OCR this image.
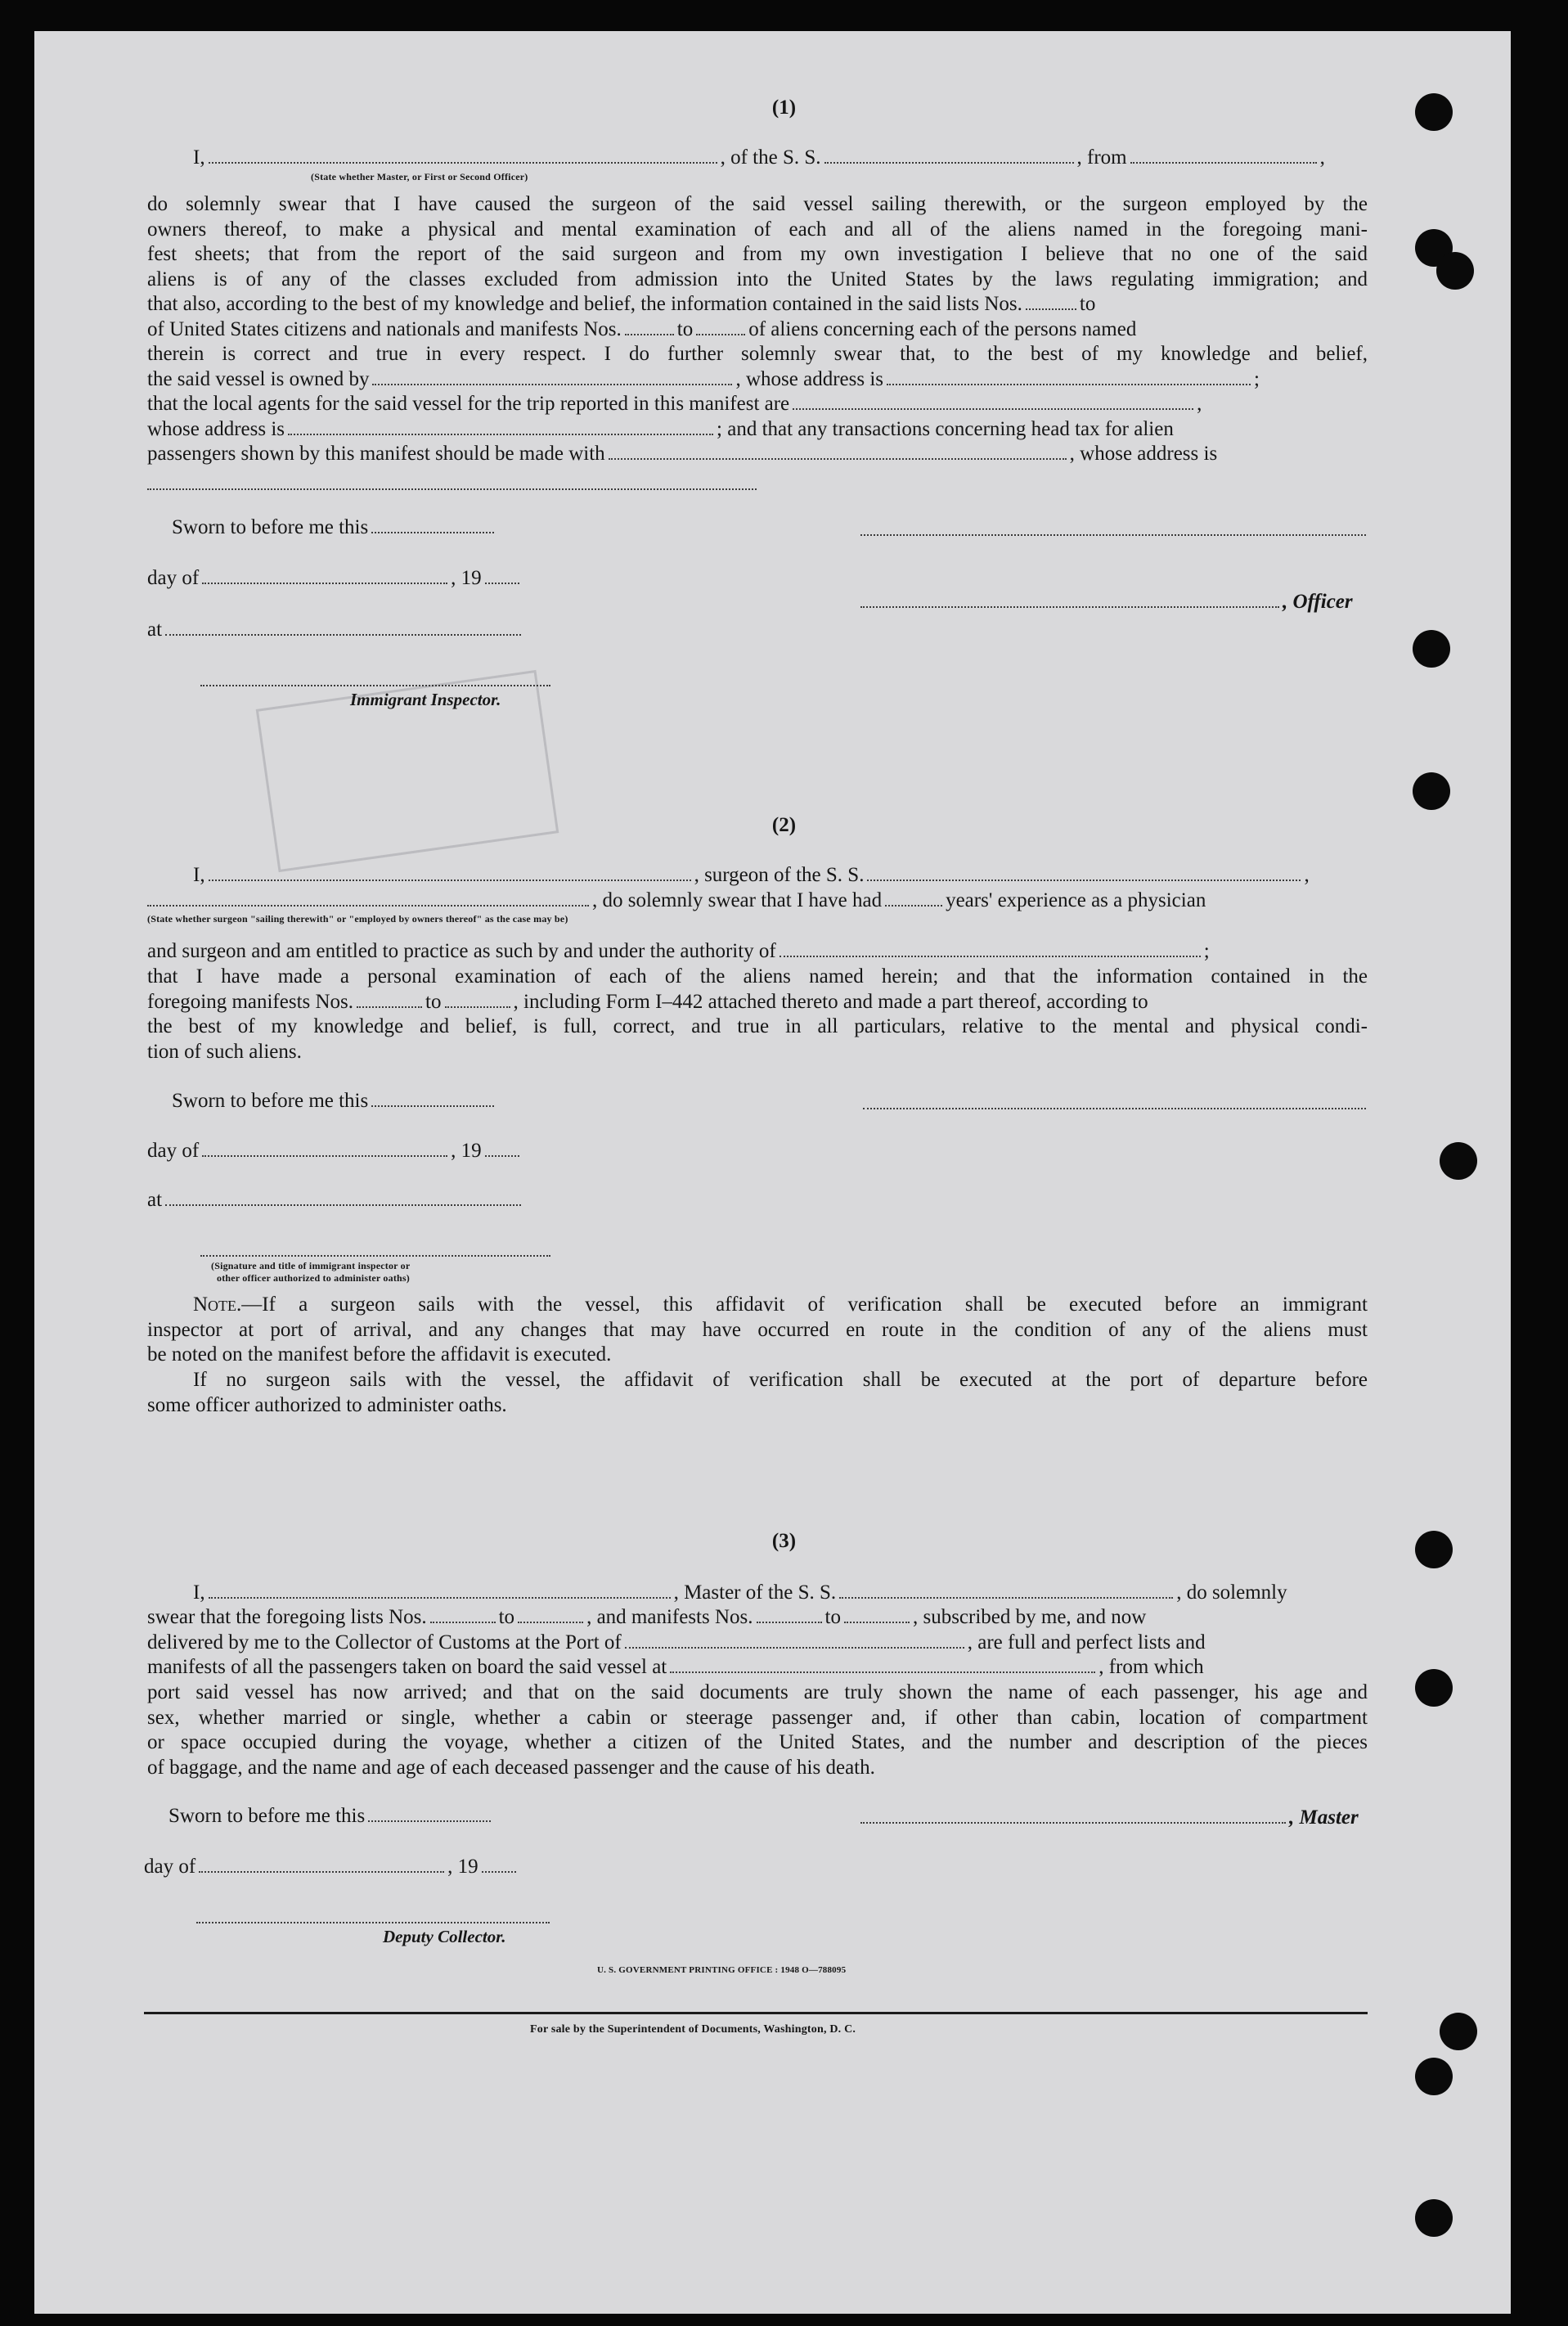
(1)
I,	, of the S. S.	, from	,
(State whether Master, or First or Second Officer)
do solemnly swear that I have caused the surgeon of the said vessel sailing therewith, or the surgeon employed by the
owners thereof, to make a physical and mental examination of each and all of the aliens named in the foregoing mani-
fest sheets; that from the report of the said surgeon and from my own investigation I believe that no one of the said
aliens is of any of the classes excluded from admission into the United States by the laws regulating immigration; and
that also, according to the best of my knowledge and belief, the information contained in the said lists Nos.	to
of United States citizens and nationals and manifests Nos.	to	of aliens concerning each of the persons named
therein is correct and true in every respect. I do further solemnly swear that, to the best of my knowledge and belief,
the said vessel is owned by	, whose address is	;
that the local agents for the said vessel for the trip reported in this manifest are	,
whose address is	; and that any transactions concerning head tax for alien
passengers shown by this manifest should be made with	, whose address is
Sworn to before me this
day of	, 19
, Officer
at
Immigrant Inspector.
(2)
I,	, surgeon of the S. S.	,
, do solemnly swear that I have had	years' experience as a physician
(State whether surgeon "sailing therewith" or "employed by owners thereof" as the case may be)
and surgeon and am entitled to practice as such by and under the authority of	;
that I have made a personal examination of each of the aliens named herein; and that the information contained in the
foregoing manifests Nos.	to	, including Form I–442 attached thereto and made a part thereof, according to
the best of my knowledge and belief, is full, correct, and true in all particulars, relative to the mental and physical condi-
tion of such aliens.
Sworn to before me this
day of	, 19
at
(Signature and title of immigrant inspector or
other officer authorized to administer oaths)
Note.—If a surgeon sails with the vessel, this affidavit of verification shall be executed before an immigrant
inspector at port of arrival, and any changes that may have occurred en route in the condition of any of the aliens must
be noted on the manifest before the affidavit is executed.
If no surgeon sails with the vessel, the affidavit of verification shall be executed at the port of departure before
some officer authorized to administer oaths.
(3)
I,	, Master of the S. S.	, do solemnly
swear that the foregoing lists Nos.	to	, and manifests Nos.	to	, subscribed by me, and now
delivered by me to the Collector of Customs at the Port of	, are full and perfect lists and
manifests of all the passengers taken on board the said vessel at	, from which
port said vessel has now arrived; and that on the said documents are truly shown the name of each passenger, his age and
sex, whether married or single, whether a cabin or steerage passenger and, if other than cabin, location of compartment
or space occupied during the voyage, whether a citizen of the United States, and the number and description of the pieces
of baggage, and the name and age of each deceased passenger and the cause of his death.
Sworn to before me this	, Master
day of	, 19
Deputy Collector.
U. S. GOVERNMENT PRINTING OFFICE : 1948 O—788095
For sale by the Superintendent of Documents, Washington, D. C.
